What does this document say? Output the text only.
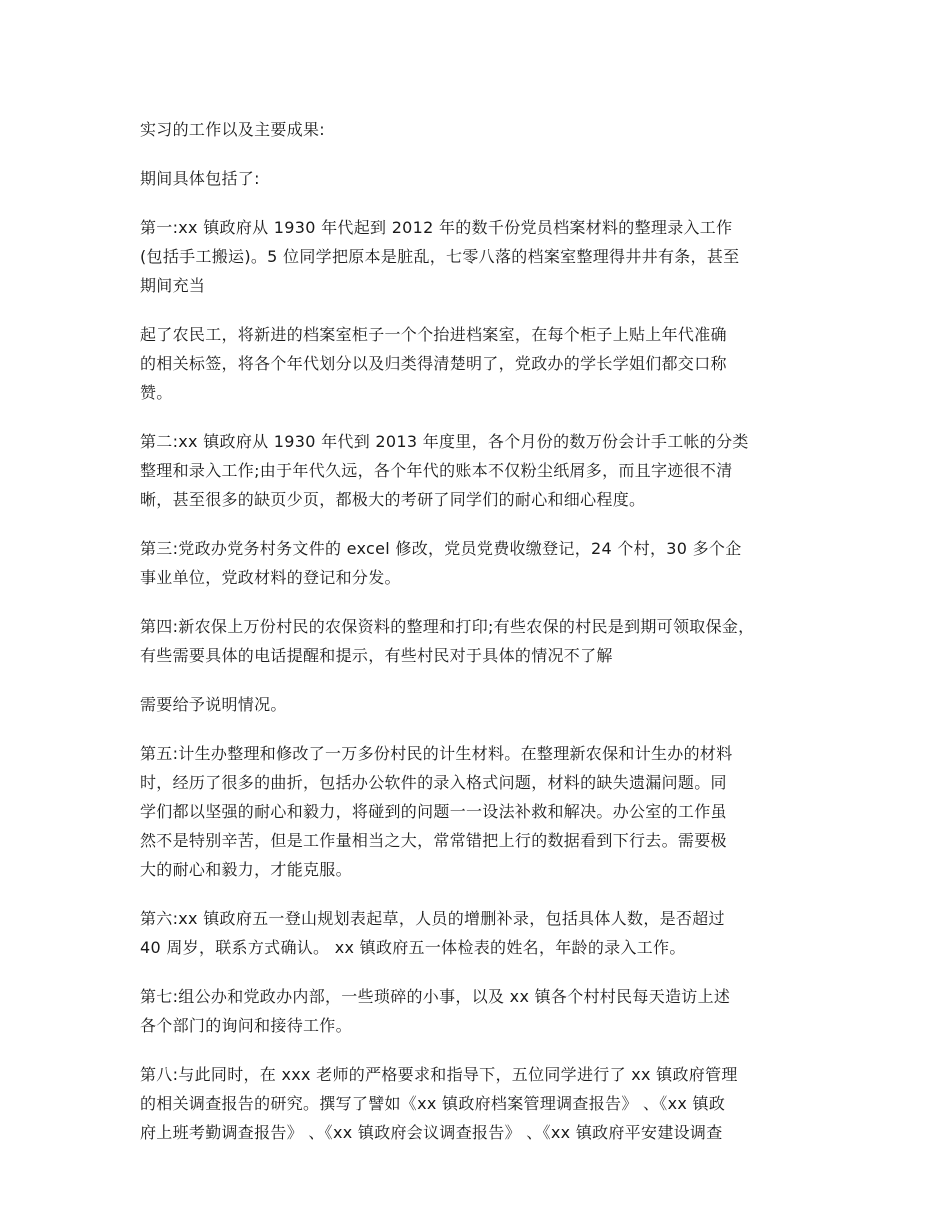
实习的工作以及主要成果:

期间具体包括了:

第一:xx 镇政府从 1930 年代起到 2012 年的数千份党员档案材料的整理录入工作
(包括手工搬运)。5 位同学把原本是脏乱，七零八落的档案室整理得井井有条，甚至
期间充当

起了农民工，将新进的档案室柜子一个个抬进档案室，在每个柜子上贴上年代准确
的相关标签，将各个年代划分以及归类得清楚明了，党政办的学长学姐们都交口称
赞。

第二:xx 镇政府从 1930 年代到 2013 年度里，各个月份的数万份会计手工帐的分类
整理和录入工作;由于年代久远，各个年代的账本不仅粉尘纸屑多，而且字迹很不清
晰，甚至很多的缺页少页，都极大的考研了同学们的耐心和细心程度。

第三:党政办党务村务文件的 excel 修改，党员党费收缴登记，24 个村，30 多个企
事业单位，党政材料的登记和分发。

第四:新农保上万份村民的农保资料的整理和打印;有些农保的村民是到期可领取保金，
有些需要具体的电话提醒和提示，有些村民对于具体的情况不了解

需要给予说明情况。

第五:计生办整理和修改了一万多份村民的计生材料。在整理新农保和计生办的材料
时，经历了很多的曲折，包括办公软件的录入格式问题，材料的缺失遗漏问题。同
学们都以坚强的耐心和毅力，将碰到的问题一一设法补救和解决。办公室的工作虽
然不是特别辛苦，但是工作量相当之大，常常错把上行的数据看到下行去。需要极
大的耐心和毅力，才能克服。

第六:xx 镇政府五一登山规划表起草，人员的增删补录，包括具体人数，是否超过
40 周岁，联系方式确认。 xx 镇政府五一体检表的姓名，年龄的录入工作。

第七:组公办和党政办内部，一些琐碎的小事，以及 xx 镇各个村村民每天造访上述
各个部门的询问和接待工作。

第八:与此同时，在 xxx 老师的严格要求和指导下，五位同学进行了 xx 镇政府管理
的相关调查报告的研究。撰写了譬如《xx 镇政府档案管理调查报告》 、《xx 镇政
府上班考勤调查报告》 、《xx 镇政府会议调查报告》 、《xx 镇政府平安建设调查
